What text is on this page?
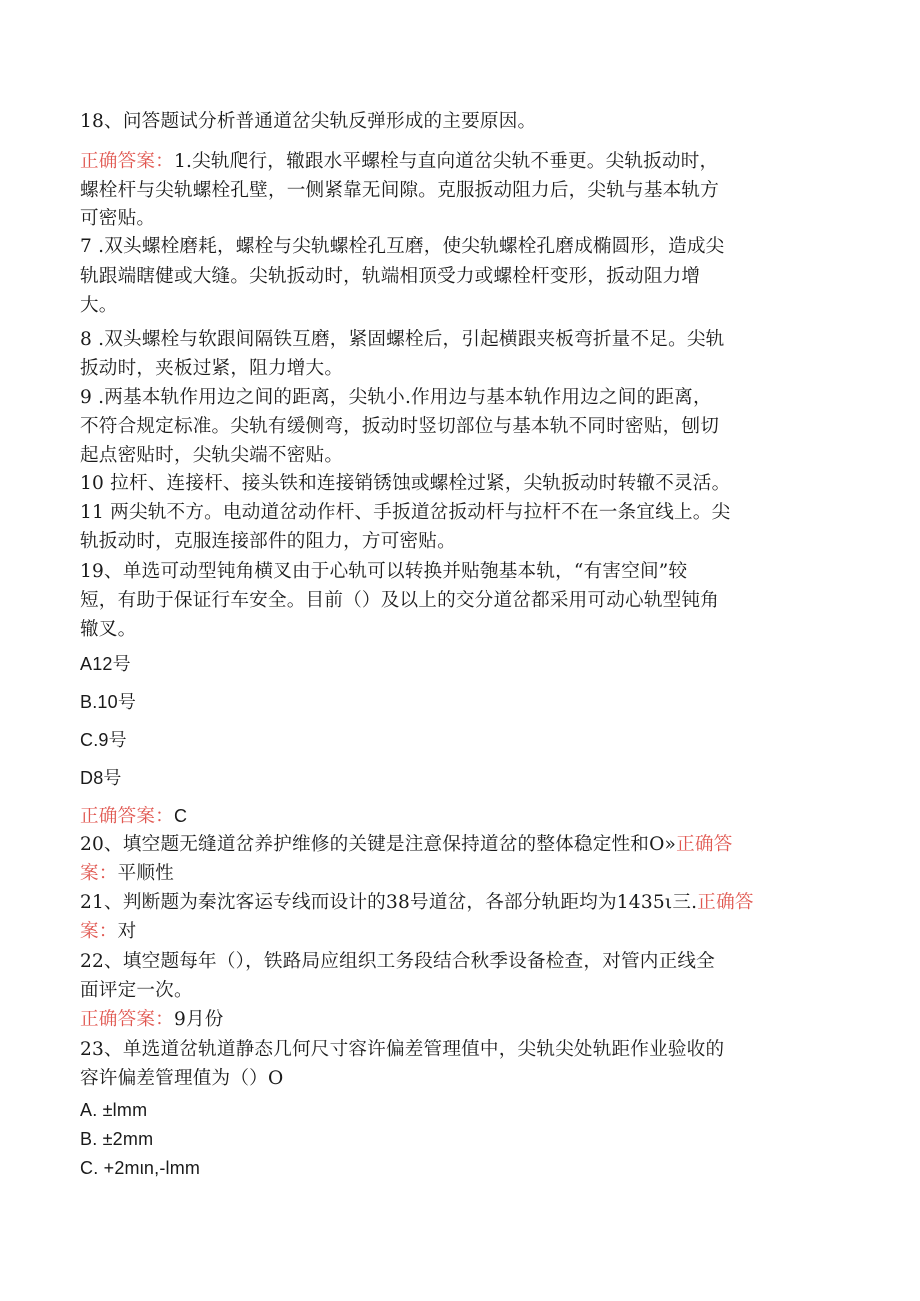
18、问答题试分析普通道岔尖轨反弹形成的主要原因。
正确答案：1.尖轨爬行，辙跟水平螺栓与直向道岔尖轨不垂更。尖轨扳动时，
螺栓杆与尖轨螺栓孔壁，一侧紧靠无间隙。克服扳动阻力后，尖轨与基本轨方
可密贴。
7 .双头螺栓磨耗，螺栓与尖轨螺栓孔互磨，使尖轨螺栓孔磨成椭圆形，造成尖
轨跟端瞎健或大缝。尖轨扳动时，轨端相顶受力或螺栓杆变形，扳动阻力增
大。
8 .双头螺栓与软跟间隔铁互磨，紧固螺栓后，引起横跟夹板弯折量不足。尖轨
扳动时，夹板过紧，阻力增大。
9 .两基本轨作用边之间的距离，尖轨小.作用边与基本轨作用边之间的距离，
不符合规定标准。尖轨有缓侧弯，扳动时竖切部位与基本轨不同时密贴，刨切
起点密贴时，尖轨尖端不密贴。
10 拉杆、连接杆、接头铁和连接销锈蚀或螺栓过紧，尖轨扳动时转辙不灵活。
11 两尖轨不方。电动道岔动作杆、手扳道岔扳动杆与拉杆不在一条宜线上。尖
轨扳动时，克服连接部件的阻力，方可密贴。
19、单选可动型钝角横叉由于心轨可以转换并贴匏基本轨，“有害空间”较
短，有助于保证行车安全。目前（）及以上的交分道岔都采用可动心轨型钝角
辙叉。
A12号
B.10号
C.9号
D8号
正确答案：C
20、填空题无缝道岔养护维修的关键是注意保持道岔的整体稳定性和O»正确答
案：平顺性
21、判断题为秦沈客运专线而设计的38号道岔，各部分轨距均为1435ι三.正确答
案：对
22、填空题每年（），铁路局应组织工务段结合秋季设备检查，对管内正线全
面评定一次。
正确答案：9月份
23、单选道岔轨道静态几何尺寸容许偏差管理值中，尖轨尖处轨距作业验收的
容许偏差管理值为（）O
A. ±lmm
B. ±2mm
C. +2mιn,-lmm
